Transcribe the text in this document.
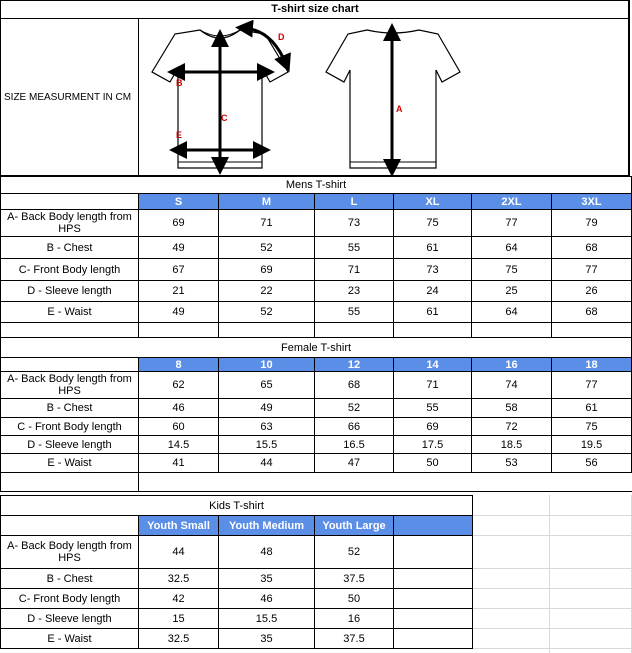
T-shirt size chart
SIZE MEASURMENT IN CM
B
C
E
D
A
Mens T-shirt						
	S	M	L	XL	2XL	3XL
A- Back Body length from HPS	69	71	73	75	77	79
B - Chest	49	52	55	61	64	68
C- Front Body length	67	69	71	73	75	77
D - Sleeve length	21	22	23	24	25	26
E - Waist	49	52	55	61	64	68

Female T-shirt						
	8	10	12	14	16	18
A- Back Body length from HPS	62	65	68	71	74	77
B - Chest	46	49	52	55	58	61
C - Front Body length	60	63	66	69	72	75
D - Sleeve length	14.5	15.5	16.5	17.5	18.5	19.5
E - Waist	41	44	47	50	53	56

Kids T-shirt				
	Youth Small	Youth Medium	Youth Large	
A- Back Body length from HPS	44	48	52	
B - Chest	32.5	35	37.5	
C- Front Body length	42	46	50	
D - Sleeve length	15	15.5	16	
E - Waist	32.5	35	37.5	
